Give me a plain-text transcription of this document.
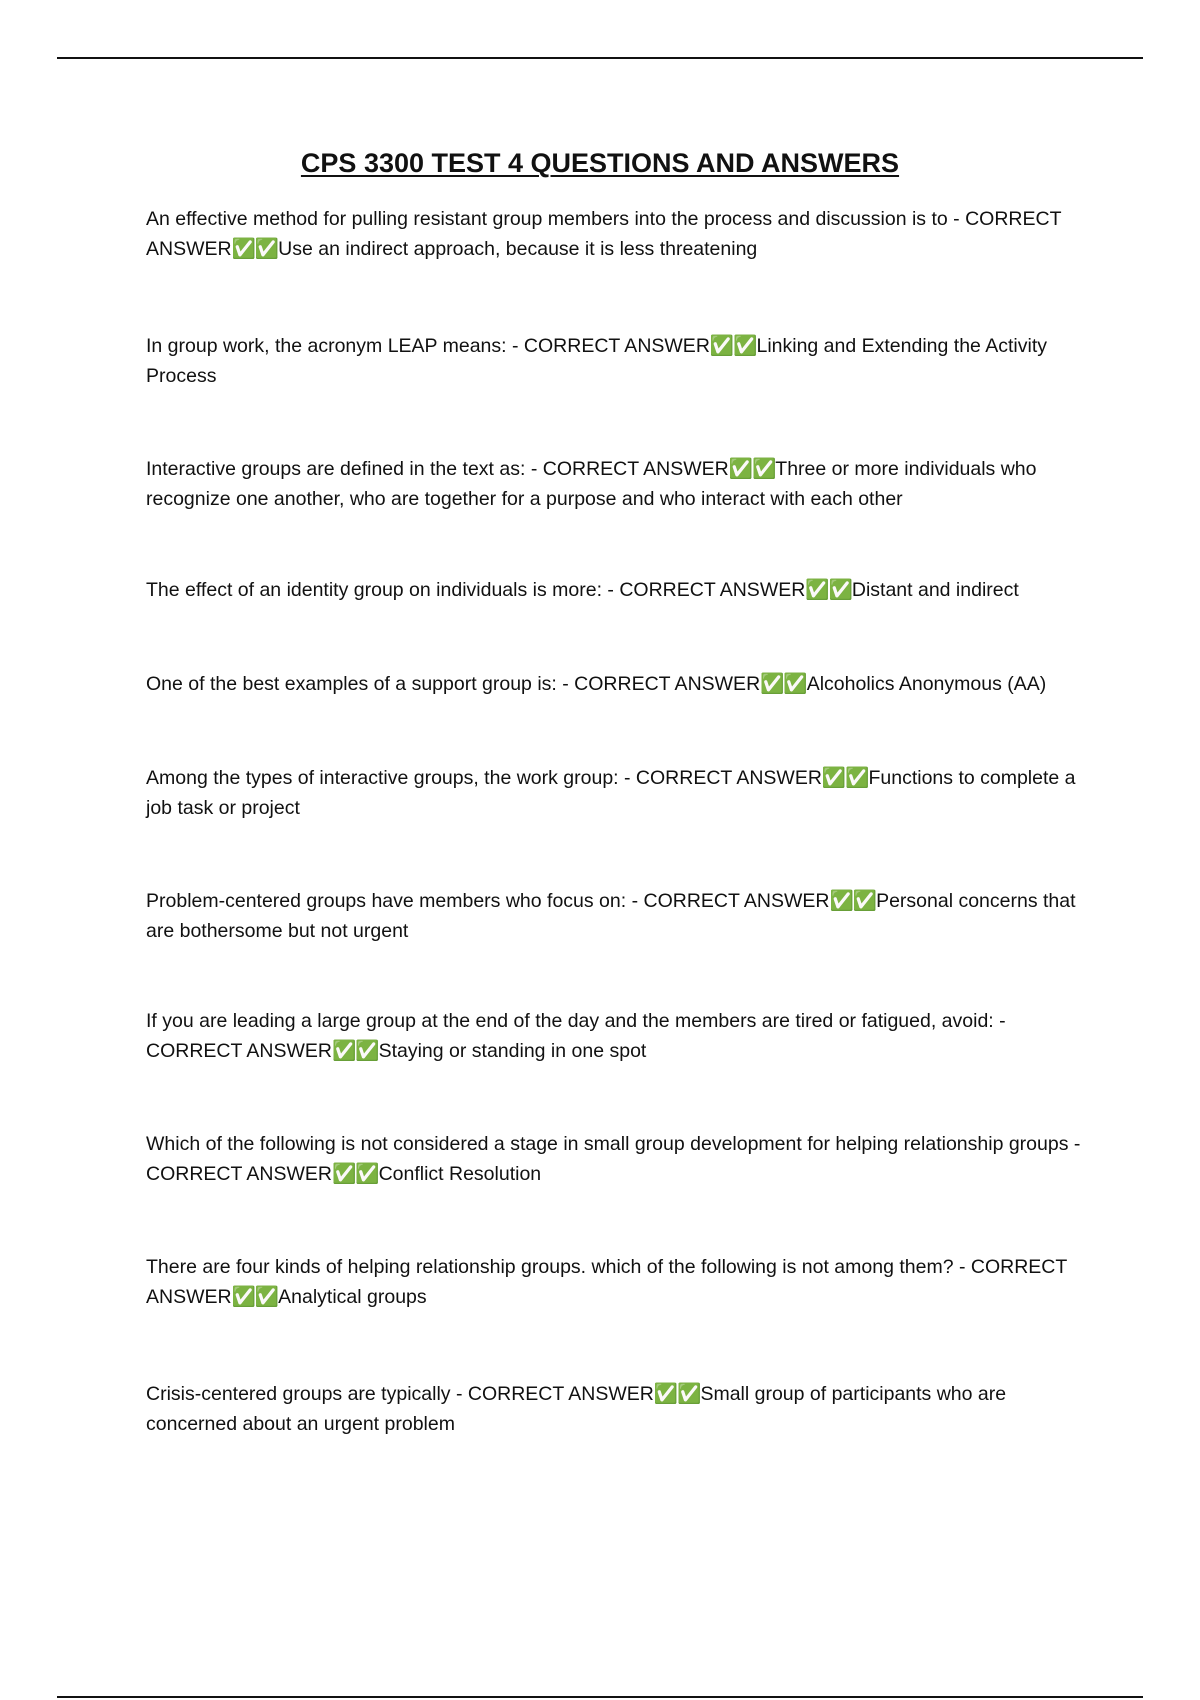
CPS 3300 TEST 4 QUESTIONS AND ANSWERS
An effective method for pulling resistant group members into the process and discussion is to - CORRECT ANSWER✅✅Use an indirect approach, because it is less threatening
In group work, the acronym LEAP means: - CORRECT ANSWER✅✅Linking and Extending the Activity Process
Interactive groups are defined in the text as: - CORRECT ANSWER✅✅Three or more individuals who recognize one another, who are together for a purpose and who interact with each other
The effect of an identity group on individuals is more: - CORRECT ANSWER✅✅Distant and indirect
One of the best examples of a support group is: - CORRECT ANSWER✅✅Alcoholics Anonymous (AA)
Among the types of interactive groups, the work group: - CORRECT ANSWER✅✅Functions to complete a job task or project
Problem-centered groups have members who focus on: - CORRECT ANSWER✅✅Personal concerns that are bothersome but not urgent
If you are leading a large group at the end of the day and the members are tired or fatigued, avoid: - CORRECT ANSWER✅✅Staying or standing in one spot
Which of the following is not considered a stage in small group development for helping relationship groups - CORRECT ANSWER✅✅Conflict Resolution
There are four kinds of helping relationship groups. which of the following is not among them? - CORRECT ANSWER✅✅Analytical groups
Crisis-centered groups are typically - CORRECT ANSWER✅✅Small group of participants who are concerned about an urgent problem
